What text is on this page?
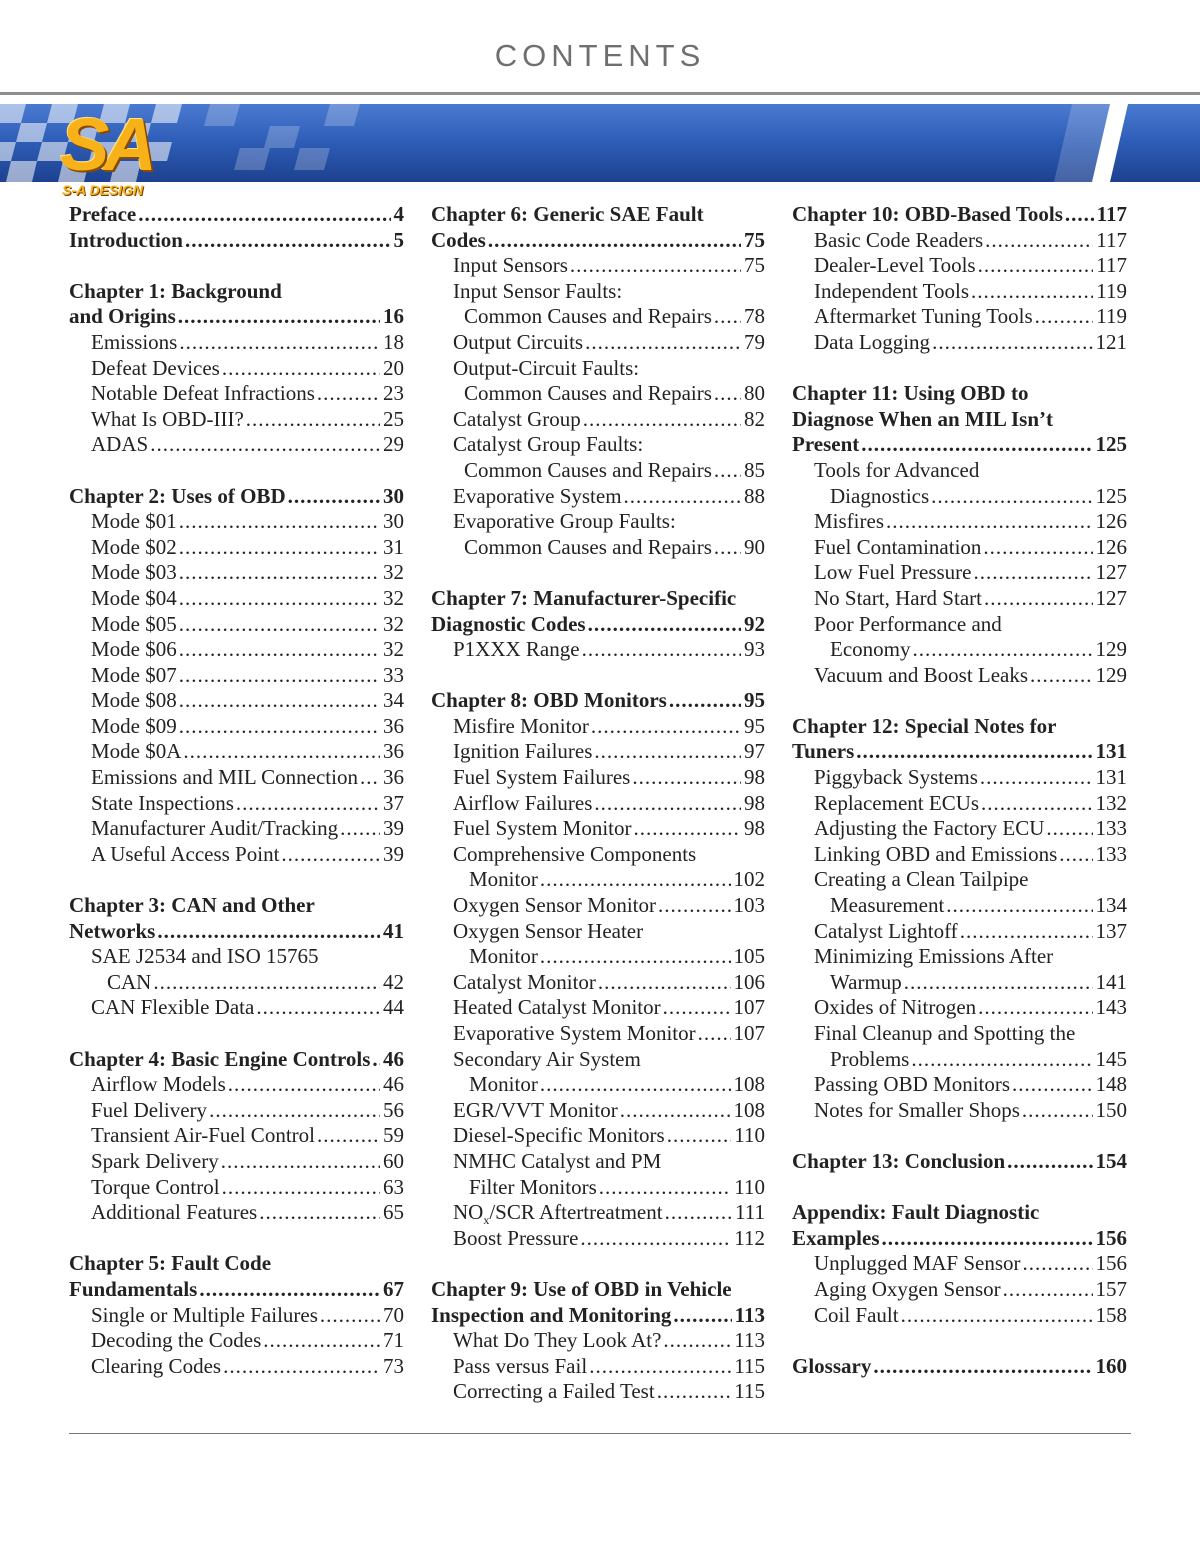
CONTENTS
SA
S-A DESIGN
Preface .....	4
Introduction .....	5
Chapter 1: Background
and Origins .....	16
Emissions .....	18
Defeat Devices .....	20
Notable Defeat Infractions .....	23
What Is OBD-III? .....	25
ADAS .....	29
Chapter 2: Uses of OBD .....	30
Mode $01 .....	30
Mode $02 .....	31
Mode $03 .....	32
Mode $04 .....	32
Mode $05 .....	32
Mode $06 .....	32
Mode $07 .....	33
Mode $08 .....	34
Mode $09 .....	36
Mode $0A .....	36
Emissions and MIL Connection ..... 36
State Inspections .....	37
Manufacturer Audit/Tracking ..... 39
A Useful Access Point .....	39
Chapter 3: CAN and Other
Networks .....	41
SAE J2534 and ISO 15765
CAN .....	42
CAN Flexible Data .....	44
Chapter 4: Basic Engine Controls ..... 46
Airflow Models .....	46
Fuel Delivery .....	56
Transient Air-Fuel Control .....	59
Spark Delivery .....	60
Torque Control .....	63
Additional Features .....	65
Chapter 5: Fault Code
Fundamentals .....	67
Single or Multiple Failures .....	70
Decoding the Codes .....	71
Clearing Codes .....	73
Chapter 6: Generic SAE Fault
Codes .....	75
Input Sensors .....	75
Input Sensor Faults:
Common Causes and Repairs ..... 78
Output Circuits .....	79
Output-Circuit Faults:
Common Causes and Repairs ..... 80
Catalyst Group .....	82
Catalyst Group Faults:
Common Causes and Repairs ..... 85
Evaporative System .....	88
Evaporative Group Faults:
Common Causes and Repairs ..... 90
Chapter 7: Manufacturer-Specific
Diagnostic Codes .....	92
P1XXX Range .....	93
Chapter 8: OBD Monitors .....	95
Misfire Monitor .....	95
Ignition Failures .....	97
Fuel System Failures .....	98
Airflow Failures .....	98
Fuel System Monitor .....	98
Comprehensive Components
Monitor .....	102
Oxygen Sensor Monitor .....	103
Oxygen Sensor Heater
Monitor .....	105
Catalyst Monitor .....	106
Heated Catalyst Monitor .....	107
Evaporative System Monitor ..... 107
Secondary Air System
Monitor .....	108
EGR/VVT Monitor .....	108
Diesel-Specific Monitors .....	110
NMHC Catalyst and PM
Filter Monitors .....	110
$NO_x$/SCR Aftertreatment .....	111
Boost Pressure .....	112
Chapter 9: Use of OBD in Vehicle
Inspection and Monitoring .....	113
What Do They Look At? .....	113
Pass versus Fail .....	115
Correcting a Failed Test .....	115
Chapter 10: OBD-Based Tools ..... 117
Basic Code Readers .....	117
Dealer-Level Tools .....	117
Independent Tools .....	119
Aftermarket Tuning Tools .....	119
Data Logging .....	121
Chapter 11: Using OBD to
Diagnose When an MIL Isn’t
Present .....	125
Tools for Advanced
Diagnostics .....	125
Misfires .....	126
Fuel Contamination .....	126
Low Fuel Pressure .....	127
No Start, Hard Start .....	127
Poor Performance and
Economy .....	129
Vacuum and Boost Leaks .....	129
Chapter 12: Special Notes for
Tuners .....	131
Piggyback Systems .....	131
Replacement ECUs .....	132
Adjusting the Factory ECU ..... 133
Linking OBD and Emissions ..... 133
Creating a Clean Tailpipe
Measurement .....	134
Catalyst Lightoff .....	137
Minimizing Emissions After
Warmup .....	141
Oxides of Nitrogen .....	143
Final Cleanup and Spotting the
Problems .....	145
Passing OBD Monitors .....	148
Notes for Smaller Shops .....	150
Chapter 13: Conclusion .....	154
Appendix: Fault Diagnostic
Examples .....	156
Unplugged MAF Sensor .....	156
Aging Oxygen Sensor .....	157
Coil Fault .....	158
Glossary .....	160
